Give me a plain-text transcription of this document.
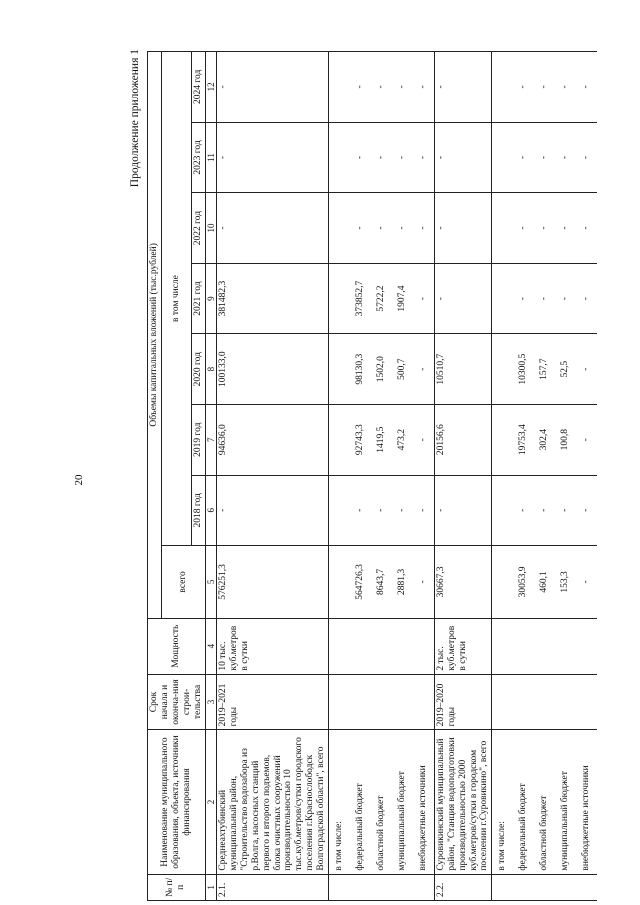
20
Продолжение приложения 1
№ п/п	Наименование муниципального образования, объекта, источники финансирования	Срок начала и оконча-ния строи-тельства	Мощность	Объемы капитальных вложений (тыс.рублей)							
				всего	в том числе						
					2018 год	2019 год	2020 год	2021 год	2022 год	2023 год	2024 год
1	2	3	4	5	6	7	8	9	10	11	12
2.1.	Среднеахтубинский муниципальный район, "Строительство водозабора из р.Волга, насосных станций первого и второго подъемов, блока очистных сооружений производительностью 10 тыс.куб.метров/сутки городского поселения г.Краснослободск Волгоградской области", всего	2019–2021 годы	10 тыс. куб.метров в сутки	576251,3	-	94636,0	100133,0	381482,3	-	-	-
	в том числе:										
	федеральный бюджет			564726,3	-	92743,3	98130,3	373852,7	-	-	-
	областной бюджет			8643,7	-	1419,5	1502,0	5722,2	-	-	-
	муниципальный бюджет			2881,3	-	473,2	500,7	1907,4	-	-	-
	внебюджетные источники			-	-	-	-	-	-	-	-
2.2.	Суровикинский муниципальный район, "Станция водоподготовки производительностью 2000 куб.метров/сутки в городском поселении г.Суровикино", всего	2019–2020 годы	2 тыс. куб.метров в сутки	30667,3	-	20156,6	10510,7	-	-	-	-
	в том числе:										
	федеральный бюджет			30053,9	-	19753,4	10300,5	-	-	-	-
	областной бюджет			460,1	-	302,4	157,7	-	-	-	-
	муниципальный бюджет			153,3	-	100,8	52,5	-	-	-	-
	внебюджетные источники			-	-	-	-	-	-	-	-
